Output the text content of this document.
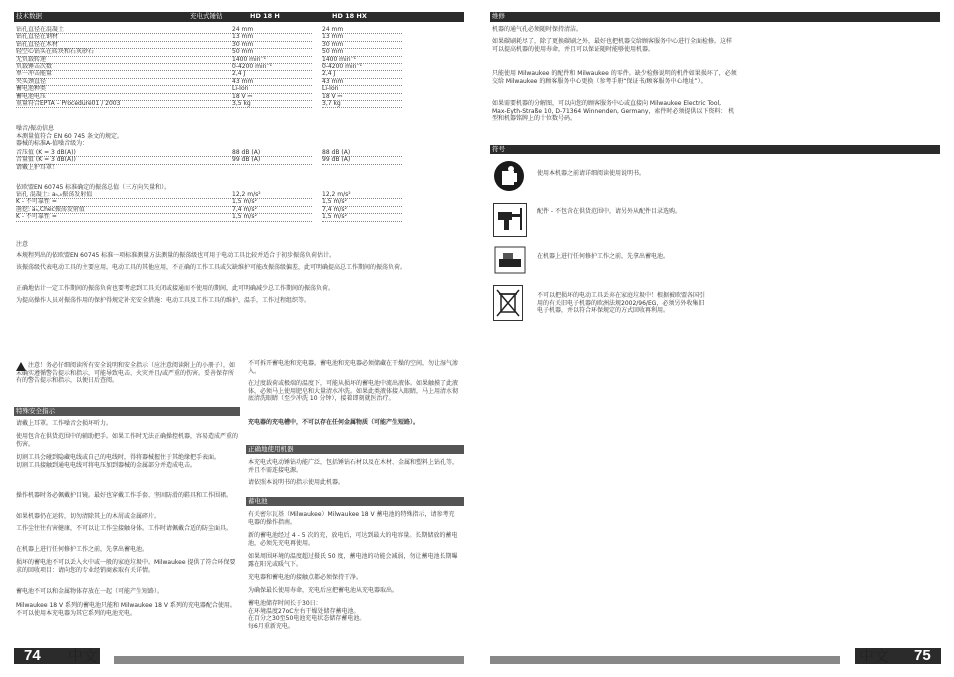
技术数据	充电式锤钻	HD 18 H	HD 18 HX
钻孔直径在混凝土	24 mm	24 mm
钻孔直径在钢材	13 mm	13 mm
钻孔直径在木材	30 mm	30 mm
轻空心钻头在砖块和石灰砂石	50 mm	50 mm
无负载转速	1400 min⁻¹	1400 min⁻¹
负载锤击次数	0-4200 min⁻¹	0-4200 min⁻¹
单一冲击能量	2,4 J	2,4 J
夹头颈直径	43 mm	43 mm
蓄电池种类	Li-Ion	Li-Ion
蓄电池电压	18 V ⎓	18 V ⎓
重量符合EPTA – Procedure01 / 2003	3,5 kg	3,7 kg
噪音/振动信息
本测量值符合 EN 60 745 条文的规定。
器械的标准A-值噪音级为：
音压值 (K = 3 dB(A))	88 dB (A)	88 dB (A)
音量值 (K = 3 dB(A))	99 dB (A)	99 dB (A)
请戴上护耳罩！
依欧盟EN 60745 标准确定的振荡总值（三方向矢量和）。
钻孔 混凝土: aₕ,ₕ振荡发射值	12,2 m/s²	12,2 m/s²
K - 不可靠性 =	1,5 m/s²	1,5 m/s²
凿挖: aₕ,Chec振荡发射值	7,4 m/s²	7,4 m/s²
K - 不可靠性 =	1,5 m/s²	1,5 m/s²
注意
本规程列出的依欧盟EN 60745 标准一项标准测量方法测量的振荡级也可用于电动工具比较并适合于初步振荡负荷估计。
该振荡级代表电动工具的主要应用。电动工具的其他应用，不正确的工作工具或欠缺维护可能改振荡级偏差，此可明确提高总工作期间的振荡负荷。
正确地估计一定工作期间的振荡负荷也要考虑到工具关闭或接通而不使用的期间，此可明确减少总工作期间的振荡负荷。
为提高操作人员对振荡作用的保护得规定补充安全措施：电动工具及工作工具的维护，温手，工作过程组织等。
注意！务必仔细阅读所有安全说明和安全指示（应注意阅读附上的小册子），如未确实遵循警告提示和指示，可能导致电击、火灾并且/或严重的伤害。妥善保存所有的警告提示和指示，以便日后查阅。
特殊安全指示
请戴上耳罩。工作噪音会损坏听力。
使用包含在供货范围中的辅助把手。如果工作时无法正确操控机器，容易造成严重的伤害。
切割工具会碰到隐藏电线或自己的电线时，得将器械握住于其绝缘把手表面。
切割工具接触到通电电线可将电压加到器械的金属部分并造成电击。
操作机器时务必佩戴护目镜。最好也穿戴工作手套、坚固防滑的鞋具和工作围裙。
如果机器仍在运转，切勿清除其上的木屑或金属碎片。
工作尘往往有害健康，不可以让工作尘接触身体。工作时请佩戴合适的防尘面具。
在机器上进行任何修护工作之前，先拿出蓄电池。
损坏的蓄电池不可以丢入火中或一般的家庭垃圾中。Milwaukee 提供了符合环保要求的回收项目：请向您的专业经销商索取有关详情。
蓄电池不可以和金属物体存放在一起（可能产生短路）。
Milwaukee 18 V 系列的蓄电池只能和 Milwaukee 18 V 系列的充电器配合使用。不可以使用本充电器为其它系列的电池充电。
不可拆开蓄电池和充电器。蓄电池和充电器必须储藏在干燥的空间，勿让湿气渗入。
在过度载荷或极端的温度下，可能从损坏的蓄电池中流出液体。如果触摸了此液体，必须马上使用肥皂和大量清水冲洗。如果此类液体接入眼睛，马上用清水彻底清洗眼睛（至少冲洗 10 分钟），接着即刻就医治疗。
充电器的充电槽中，不可以存在任何金属物质（可能产生短路）。
正确地使用机器
本充电式电动锤钻功能广泛，包括锤钻石材以及在木材、金属和塑料上钻孔等，并且不需连接电源。
请依照本说明书的指示使用此机器。
蓄电池
有关密尔瓦基（Milwaukee）Milwaukee 18 V 蓄电池的特殊指示，请参考充电器的操作指南。
新的蓄电池经过 4 - 5 次的充，放电后，可达到最大的电容量。长期储放的蓄电池，必须先充电再使用。
如果周围环境的温度超过摄氏 50 度，蓄电池的功能会减弱，勿让蓄电池长期曝露在阳光或暖气下。
充电器和蓄电池的接触点都必须保持干净。
为确保最长使用寿命，充电后应把蓄电池从充电器取出。
蓄电池储存时间长于30日：
在环境温度27oC左右干燥处储存蓄电池。
在百分之30至50电池充电状态储存蓄电池。
每6月重新充电。
74 中文
维修
机器的通气孔必须随时保持清洁。
如果碳刷耗尽了，除了更换碳刷之外，最好也把机器交给顾客服务中心进行全面检修。这样可以提高机器的使用寿命，并且可以保证随时能够使用机器。
只能使用 Milwaukee 的配件和 Milwaukee 的零件。缺少检修说明的机件如果损坏了，必须交给 Milwaukee 的顾客服务中心更换（参考手册“保证书/顾客服务中心地址”）。
如果需要机器的分解图，可以向您的顾客服务中心或直接向 Milwaukee Electric Tool, Max-Eyth-Straße 10, D-71364 Winnenden, Germany，索件时必须提供以下资料： 机型和机器铭牌上的十位数号码。
符号
使用本机器之前请详细阅读使用说明书。
配件 - 不包含在供货范围中，请另外从配件目录选购。
在机器上进行任何修护工作之前，先拿出蓄电池。
不可以把损坏的电动工具丢弃在家庭垃圾中！根据被欧盟各国引用的有关旧电子机器的欧洲法规2002/96/EG，必须另外收集旧电子机器，并以符合环保规定的方式回收再利用。
中文 75
